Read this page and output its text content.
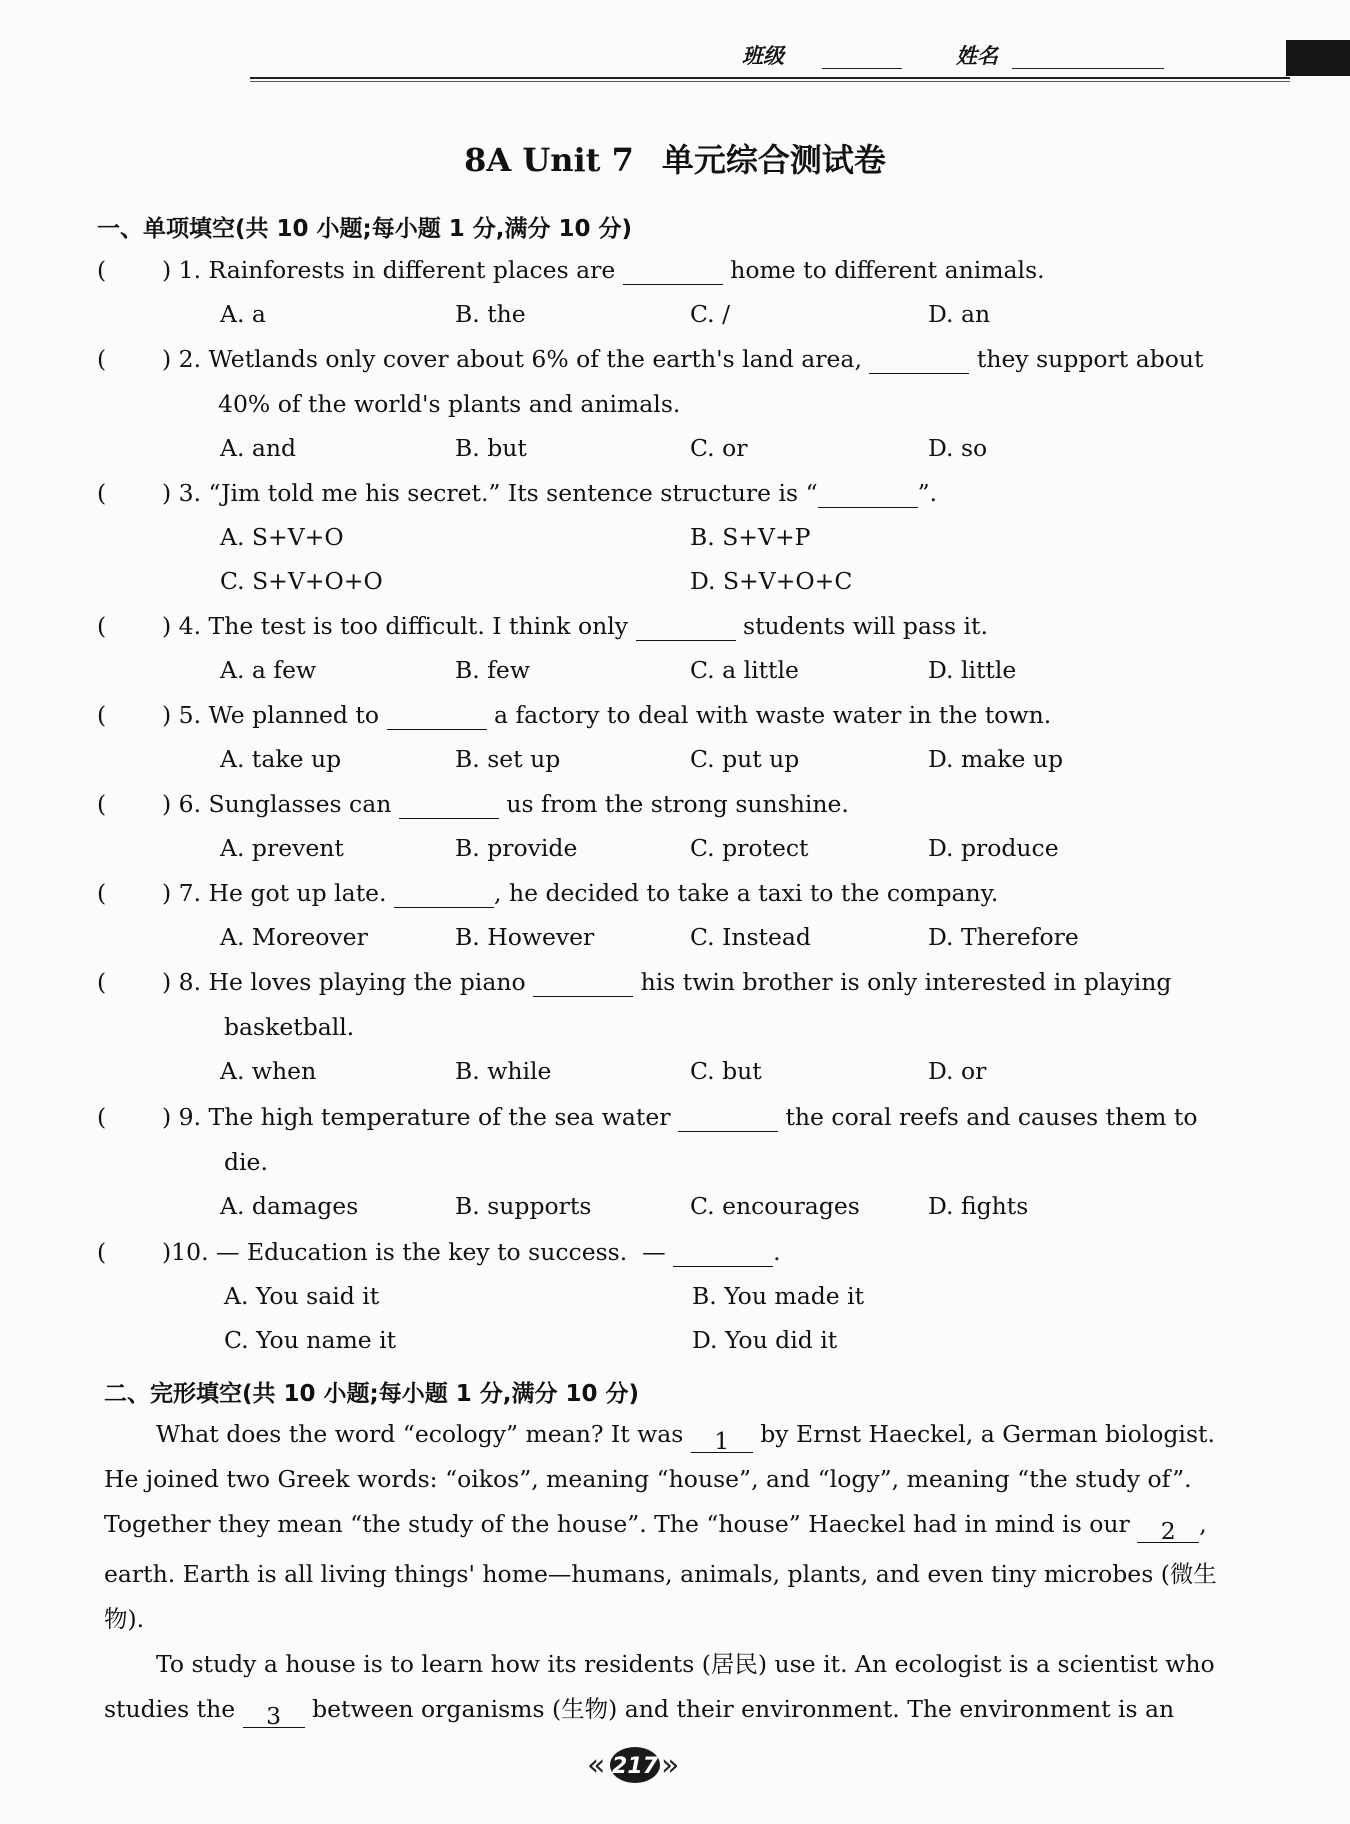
班级	姓名
8A Unit 7 单元综合测试卷
一、单项填空(共 10 小题;每小题 1 分,满分 10 分)
( ) 1. Rainforests in different places are	home to different animals.
A. a	B. the	C. /	D. an
( ) 2. Wetlands only cover about 6% of the earth's land area,	they support about
40% of the world's plants and animals.
A. and	B. but	C. or	D. so
( ) 3. “Jim told me his secret.” Its sentence structure is “	”.
A. S+V+O	B. S+V+P
C. S+V+O+O	D. S+V+O+C
( ) 4. The test is too difficult. I think only	students will pass it.
A. a few	B. few	C. a little	D. little
( ) 5. We planned to	a factory to deal with waste water in the town.
A. take up	B. set up	C. put up	D. make up
( ) 6. Sunglasses can	us from the strong sunshine.
A. prevent	B. provide	C. protect	D. produce
( ) 7. He got up late.	, he decided to take a taxi to the company.
A. Moreover	B. However	C. Instead	D. Therefore
( ) 8. He loves playing the piano	his twin brother is only interested in playing
basketball.
A. when	B. while	C. but	D. or
( ) 9. The high temperature of the sea water	the coral reefs and causes them to
die.
A. damages	B. supports	C. encourages	D. fights
( )10. — Education is the key to success. —	.
A. You said it	B. You made it
C. You name it	D. You did it
二、完形填空(共 10 小题;每小题 1 分,满分 10 分)
What does the word “ecology” mean? It was 1 by Ernst Haeckel, a German biologist.
He joined two Greek words: “oikos”, meaning “house”, and “logy”, meaning “the study of”.
Together they mean “the study of the house”. The “house” Haeckel had in mind is our 2 ,
earth. Earth is all living things' home—humans, animals, plants, and even tiny microbes (微生
物).
To study a house is to learn how its residents (居民) use it. An ecologist is a scientist who
studies the 3 between organisms (生物) and their environment. The environment is an
« 217 »
